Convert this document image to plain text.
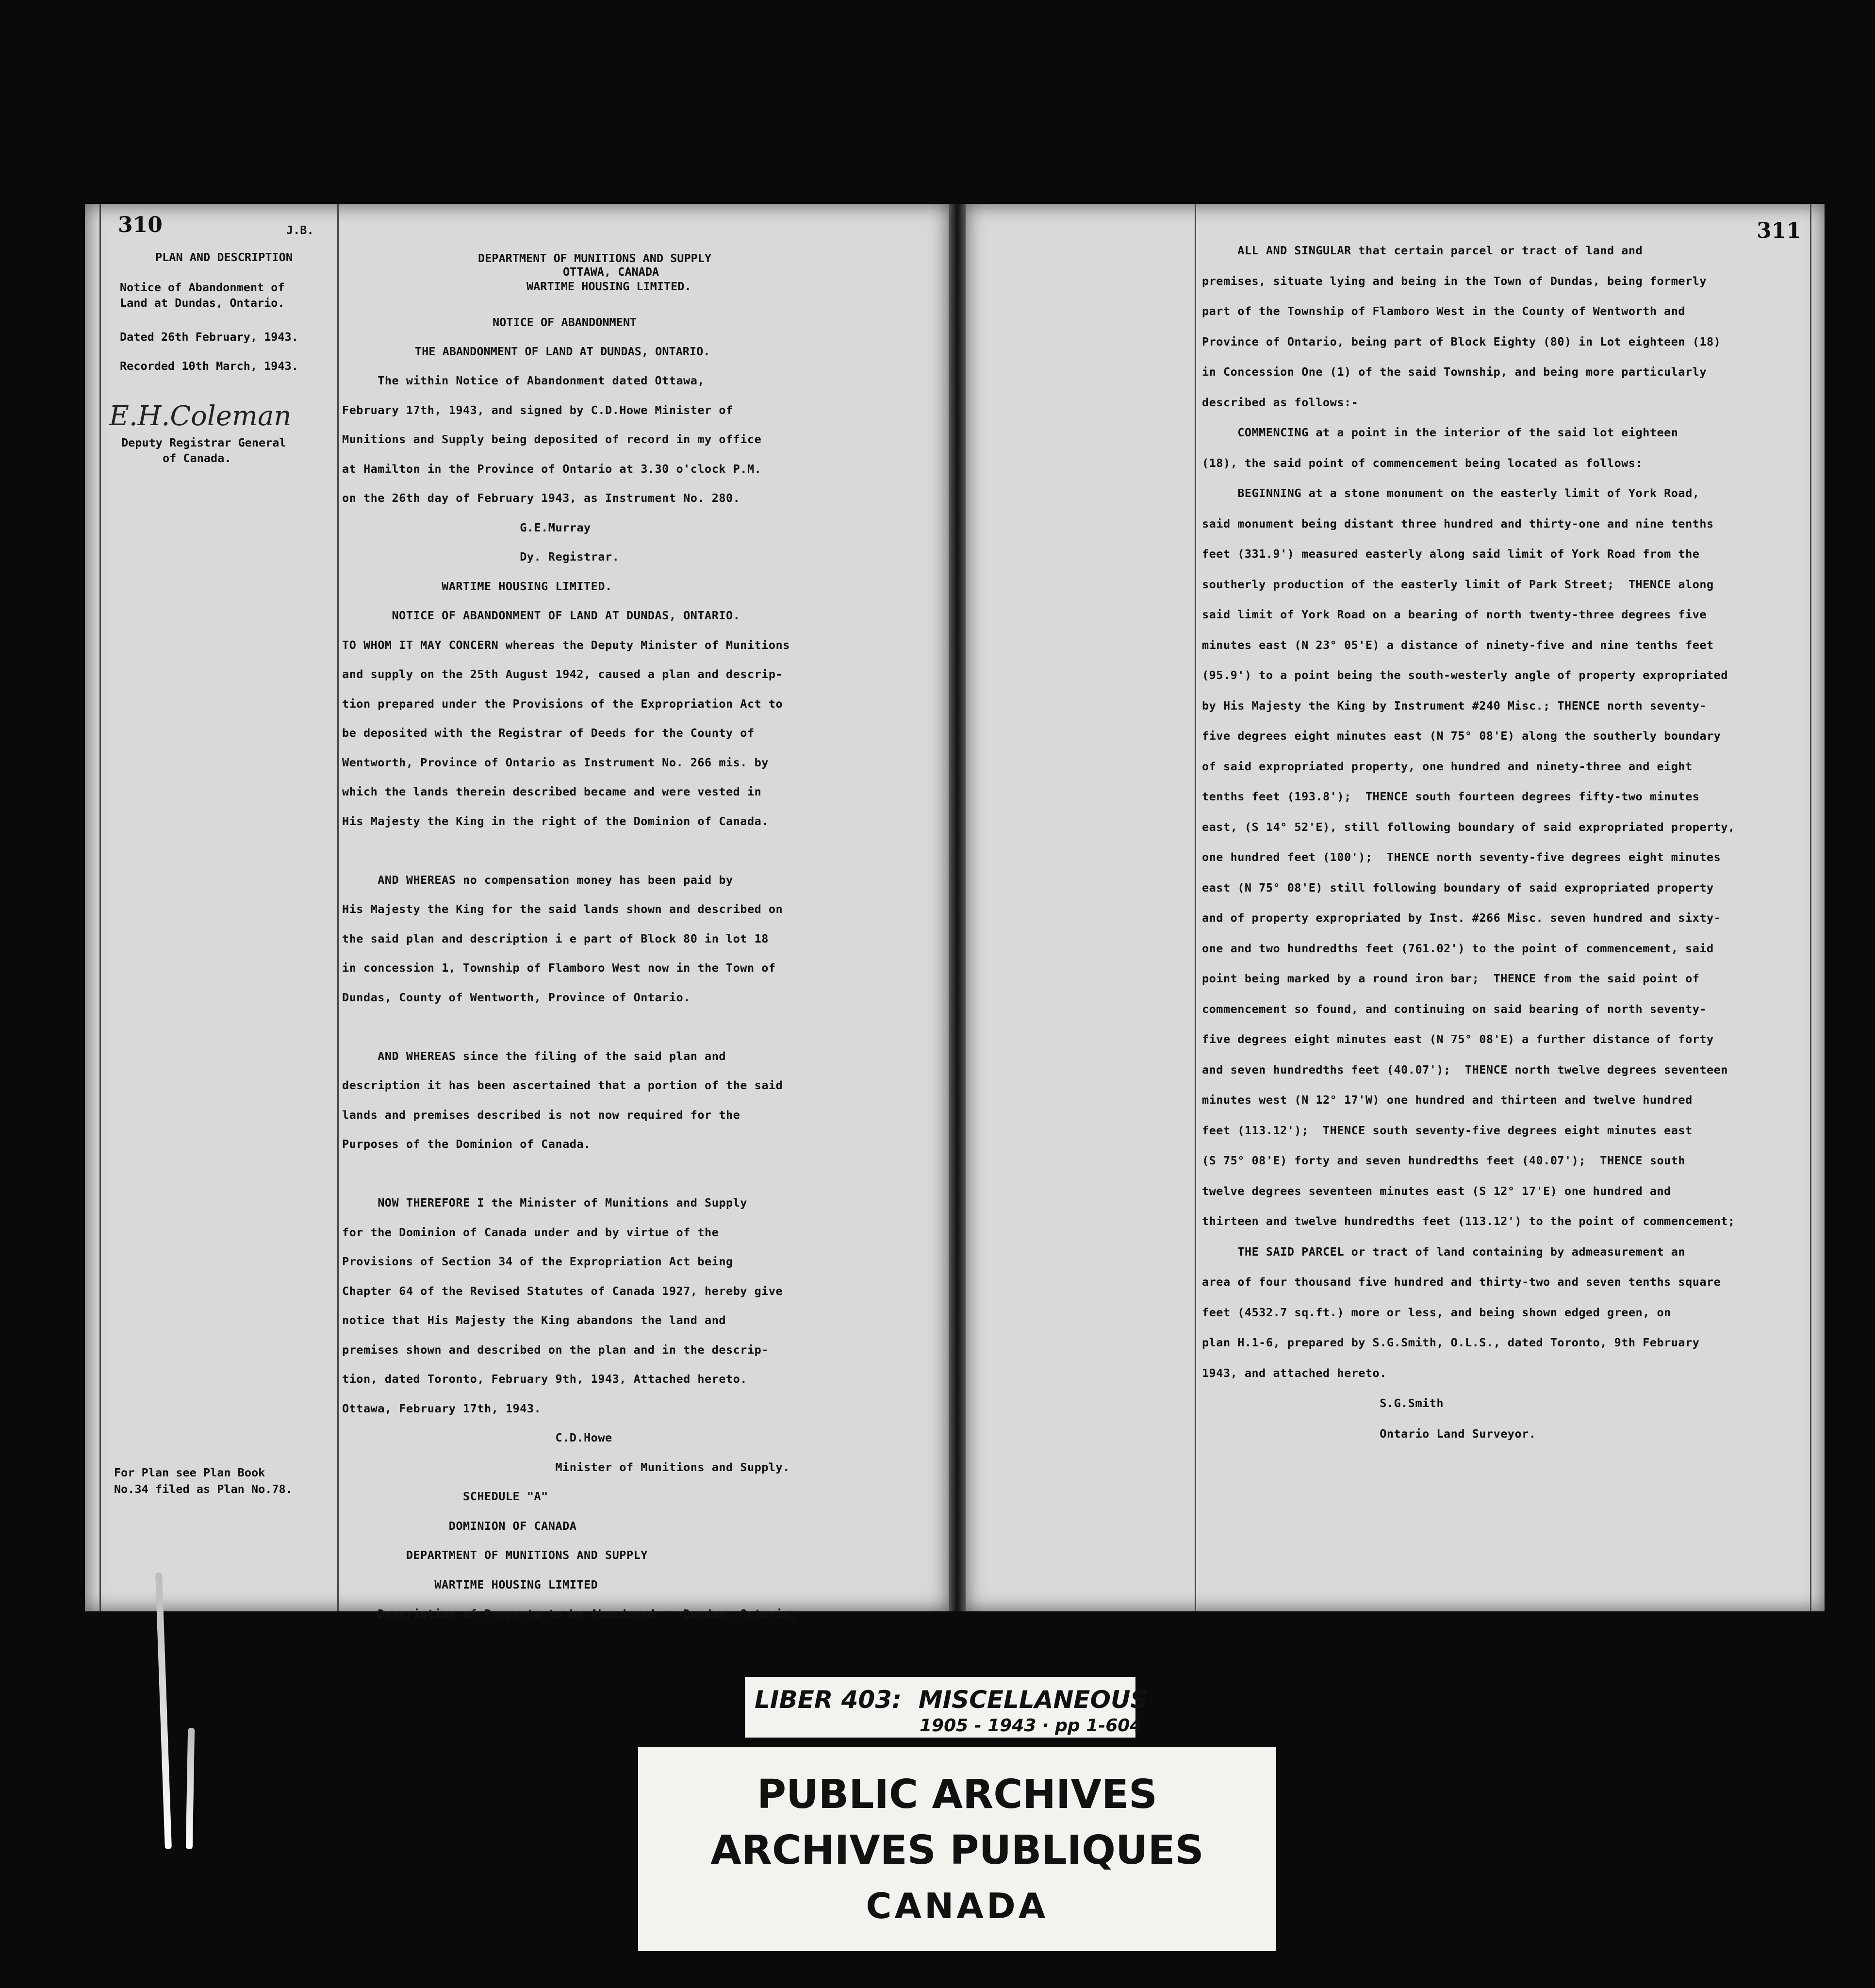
310	J.B.
PLAN AND DESCRIPTION
Notice of Abandonment of
Land at Dundas, Ontario.
Dated 26th February, 1943.
Recorded 10th March, 1943.
E.H.Coleman
Deputy Registrar General
of Canada.
For Plan see Plan Book
No.34 filed as Plan No.78.
DEPARTMENT OF MUNITIONS AND SUPPLY
OTTAWA, CANADA
WARTIME HOUSING LIMITED.
NOTICE OF ABANDONMENT
THE ABANDONMENT OF LAND AT DUNDAS, ONTARIO.
The within Notice of Abandonment dated Ottawa,
February 17th, 1943, and signed by C.D.Howe Minister of
Munitions and Supply being deposited of record in my office
at Hamilton in the Province of Ontario at 3.30 o'clock P.M.
on the 26th day of February 1943, as Instrument No. 280.
G.E.Murray
Dy. Registrar.
WARTIME HOUSING LIMITED.
NOTICE OF ABANDONMENT OF LAND AT DUNDAS, ONTARIO.
TO WHOM IT MAY CONCERN whereas the Deputy Minister of Munitions
and supply on the 25th August 1942, caused a plan and descrip-
tion prepared under the Provisions of the Expropriation Act to
be deposited with the Registrar of Deeds for the County of
Wentworth, Province of Ontario as Instrument No. 266 mis. by
which the lands therein described became and were vested in
His Majesty the King in the right of the Dominion of Canada.
AND WHEREAS no compensation money has been paid by
His Majesty the King for the said lands shown and described on
the said plan and description i e part of Block 80 in lot 18
in concession 1, Township of Flamboro West now in the Town of
Dundas, County of Wentworth, Province of Ontario.
AND WHEREAS since the filing of the said plan and
description it has been ascertained that a portion of the said
lands and premises described is not now required for the
Purposes of the Dominion of Canada.
NOW THEREFORE I the Minister of Munitions and Supply
for the Dominion of Canada under and by virtue of the
Provisions of Section 34 of the Expropriation Act being
Chapter 64 of the Revised Statutes of Canada 1927, hereby give
notice that His Majesty the King abandons the land and
premises shown and described on the plan and in the descrip-
tion, dated Toronto, February 9th, 1943, Attached hereto.
Ottawa, February 17th, 1943.
C.D.Howe
Minister of Munitions and Supply.
SCHEDULE "A"
DOMINION OF CANADA
DEPARTMENT OF MUNITIONS AND SUPPLY
WARTIME HOUSING LIMITED
Description of Property to be Abandoned -  Dundas, Ontario;
311
ALL AND SINGULAR that certain parcel or tract of land and
premises, situate lying and being in the Town of Dundas, being formerly
part of the Township of Flamboro West in the County of Wentworth and
Province of Ontario, being part of Block Eighty (80) in Lot eighteen (18)
in Concession One (1) of the said Township, and being more particularly
described as follows:-
COMMENCING at a point in the interior of the said lot eighteen
(18), the said point of commencement being located as follows:
BEGINNING at a stone monument on the easterly limit of York Road,
said monument being distant three hundred and thirty-one and nine tenths
feet (331.9') measured easterly along said limit of York Road from the
southerly production of the easterly limit of Park Street;  THENCE along
said limit of York Road on a bearing of north twenty-three degrees five
minutes east (N 23° 05'E) a distance of ninety-five and nine tenths feet
(95.9') to a point being the south-westerly angle of property expropriated
by His Majesty the King by Instrument #240 Misc.; THENCE north seventy-
five degrees eight minutes east (N 75° 08'E) along the southerly boundary
of said expropriated property, one hundred and ninety-three and eight
tenths feet (193.8');  THENCE south fourteen degrees fifty-two minutes
east, (S 14° 52'E), still following boundary of said expropriated property,
one hundred feet (100');  THENCE north seventy-five degrees eight minutes
east (N 75° 08'E) still following boundary of said expropriated property
and of property expropriated by Inst. #266 Misc. seven hundred and sixty-
one and two hundredths feet (761.02') to the point of commencement, said
point being marked by a round iron bar;  THENCE from the said point of
commencement so found, and continuing on said bearing of north seventy-
five degrees eight minutes east (N 75° 08'E) a further distance of forty
and seven hundredths feet (40.07');  THENCE north twelve degrees seventeen
minutes west (N 12° 17'W) one hundred and thirteen and twelve hundred
feet (113.12');  THENCE south seventy-five degrees eight minutes east
(S 75° 08'E) forty and seven hundredths feet (40.07');  THENCE south
twelve degrees seventeen minutes east (S 12° 17'E) one hundred and
thirteen and twelve hundredths feet (113.12') to the point of commencement;
THE SAID PARCEL or tract of land containing by admeasurement an
area of four thousand five hundred and thirty-two and seven tenths square
feet (4532.7 sq.ft.) more or less, and being shown edged green, on
plan H.1-6, prepared by S.G.Smith, O.L.S., dated Toronto, 9th February
1943, and attached hereto.
S.G.Smith
Ontario Land Surveyor.
LIBER 403:  MISCELLANEOUS
1905 - 1943 · pp 1-604
PUBLIC ARCHIVES
ARCHIVES PUBLIQUES
CANADA
